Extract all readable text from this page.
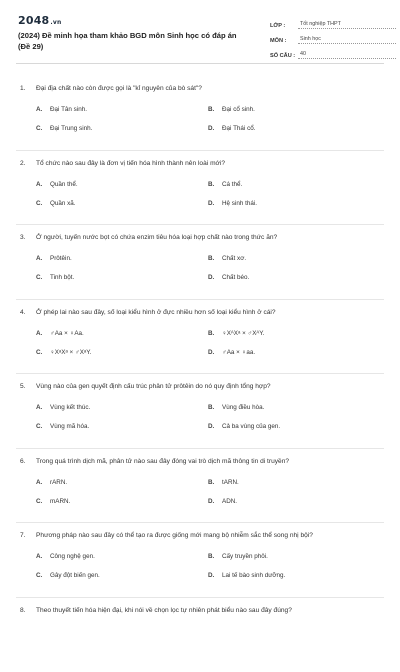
2048.vn
(2024) Đề minh họa tham khảo BGD môn Sinh học có đáp án (Đề 29)
LỚP :	Tốt nghiệp THPT
MÔN :	Sinh học
SỐ CÂU : 40
1.	Đại địa chất nào còn được gọi là "kỉ nguyên của bò sát"?
A.	Đại Tân sinh.	B.	Đại cổ sinh.
C.	Đại Trung sinh.	D.	Đại Thái cổ.
2.	Tổ chức nào sau đây là đơn vị tiến hóa hình thành nên loài mới?
A.	Quần thể.	B.	Cá thể.
C.	Quần xã.	D.	Hệ sinh thái.
3.	Ở người, tuyến nước bọt có chứa enzim tiêu hóa loại hợp chất nào trong thức ăn?
A.	Prôtêin.	B.	Chất xơ.
C.	Tinh bột.	D.	Chất béo.
4.	Ở phép lai nào sau đây, số loại kiểu hình ở đực nhiều hơn số loại kiểu hình ở cái?
A.	♂Aa × ♀Aa.	B.	♀XᴬXᵃ × ♂XᴬY.
C.	♀XᵃXᵃ × ♂XᵃY.	D.	♂Aa × ♀aa.
5.	Vùng nào của gen quyết định cấu trúc phân tử prôtêin do nó quy định tổng hợp?
A.	Vùng kết thúc.	B.	Vùng điều hòa.
C.	Vùng mã hóa.	D.	Cả ba vùng của gen.
6.	Trong quá trình dịch mã, phân tử nào sau đây đóng vai trò dịch mã thông tin di truyền?
A.	rARN.	B.	tARN.
C.	mARN.	D.	ADN.
7.	Phương pháp nào sau đây có thể tạo ra được giống mới mang bộ nhiễm sắc thể song nhị bội?
A.	Công nghệ gen.	B.	Cấy truyền phôi.
C.	Gây đột biến gen.	D.	Lai tế bào sinh dưỡng.
8.	Theo thuyết tiến hóa hiện đại, khi nói về chọn lọc tự nhiên phát biểu nào sau đây đúng?
